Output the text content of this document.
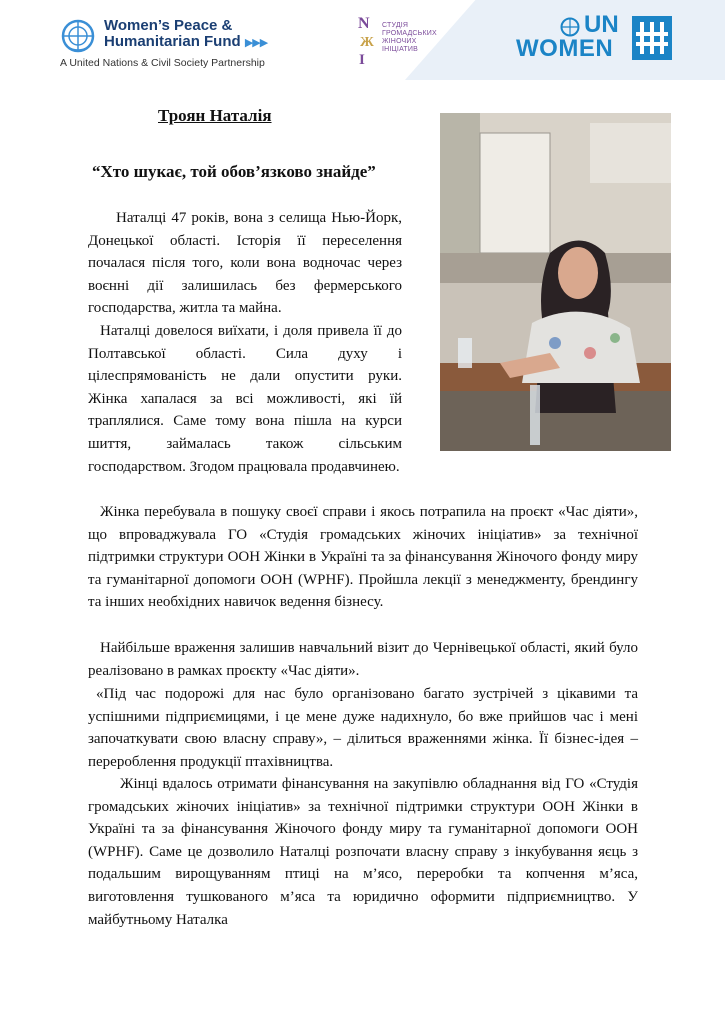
Women’s Peace &
Humanitarian Fund ▶▶▶
A United Nations & Civil Society Partnership
N
Ж
І
СТУДІЯ
ГРОМАДСЬКИХ
ЖІНОЧИХ
ІНІЦІАТИВ
UN
WOMEN
Троян Наталія
“Хто шукає, той обов’язково знайде”

Наталці 47 років, вона з селища Нью-Йорк, Донецької області. Історія її переселення почалася після того, коли вона водночас через воєнні дії залишилась без фермерського господарства, житла та майна.

Наталці довелося виїхати, і доля привела її до Полтавської області. Сила духу і цілеспрямованість не дали опустити руки. Жінка хапалася за всі можливості, які їй траплялися. Саме тому вона пішла на курси шиття, займалась також сільським господарством. Згодом працювала продавчинею.

Жінка перебувала в пошуку своєї справи і якось потрапила на проєкт «Час діяти», що впроваджувала ГО «Студія громадських жіночих ініціатив» за технічної підтримки структури ООН Жінки в Україні та за фінансування Жіночого фонду миру та гуманітарної допомоги ООН (WPHF). Пройшла лекції з менеджменту, брендингу та інших необхідних навичок ведення бізнесу.

Найбільше враження залишив навчальний візит до Чернівецької області, який було реалізовано в рамках проєкту «Час діяти».

«Під час подорожі для нас було організовано багато зустрічей з цікавими та успішними підприємицями, і це мене дуже надихнуло, бо вже прийшов час і мені започаткувати свою власну справу», – ділиться враженнями жінка. Її бізнес-ідея – перероблення продукції птахівництва.

Жінці вдалось отримати фінансування на закупівлю обладнання від ГО «Студія громадських жіночих ініціатив» за технічної підтримки структури ООН Жінки в Україні та за фінансування Жіночого фонду миру та гуманітарної допомоги ООН (WPHF). Саме це дозволило Наталці розпочати власну справу з інкубування яєць з подальшим вирощуванням птиці на м’ясо, переробки та копчення м’яса, виготовлення тушкованого м’яса та юридично оформити підприємництво. У майбутньому Наталка
